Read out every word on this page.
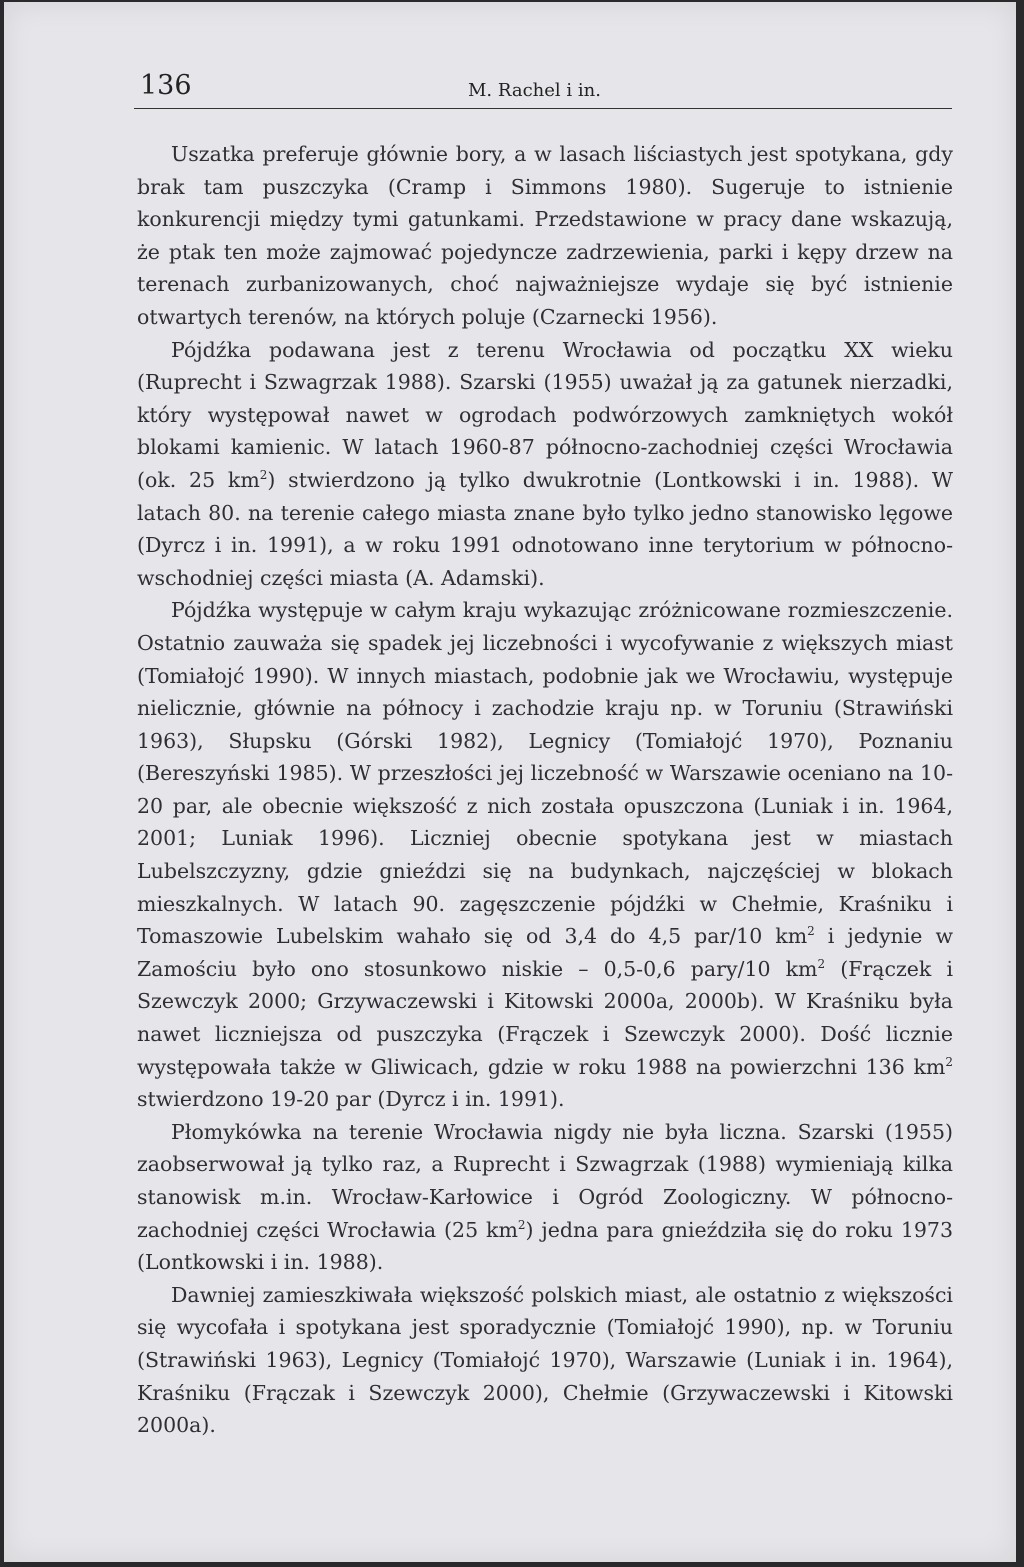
136	M. Rachel i in.

Uszatka preferuje głównie bory, a w lasach liściastych jest spotykana, gdy brak tam puszczyka (Cramp i Simmons 1980). Sugeruje to istnienie konkurencji między tymi gatunkami. Przedstawione w pracy dane wskazują, że ptak ten może zajmować pojedyncze zadrzewienia, parki i kępy drzew na terenach zurbanizowanych, choć najważniejsze wydaje się być istnienie otwartych terenów, na których poluje (Czarnecki 1956).

Pójdźka podawana jest z terenu Wrocławia od początku XX wieku (Ruprecht i Szwagrzak 1988). Szarski (1955) uważał ją za gatunek nierzadki, który występował nawet w ogrodach podwórzowych zamkniętych wokół blokami kamienic. W latach 1960-87 północno-zachodniej części Wrocławia (ok. 25 $km^2$) stwierdzono ją tylko dwukrotnie (Lontkowski i in. 1988). W latach 80. na terenie całego miasta znane było tylko jedno stanowisko lęgowe (Dyrcz i in. 1991), a w roku 1991 odnotowano inne terytorium w północno-wschodniej części miasta (A. Adamski).

Pójdźka występuje w całym kraju wykazując zróżnicowane rozmieszczenie. Ostatnio zauważa się spadek jej liczebności i wycofywanie z większych miast (Tomiałojć 1990). W innych miastach, podobnie jak we Wrocławiu, występuje nielicznie, głównie na północy i zachodzie kraju np. w Toruniu (Strawiński 1963), Słupsku (Górski 1982), Legnicy (Tomiałojć 1970), Poznaniu (Bereszyński 1985). W przeszłości jej liczebność w Warszawie oceniano na 10-20 par, ale obecnie większość z nich została opuszczona (Luniak i in. 1964, 2001; Luniak 1996). Liczniej obecnie spotykana jest w miastach Lubelszczyzny, gdzie gnieździ się na budynkach, najczęściej w blokach mieszkalnych. W latach 90. zagęszczenie pójdźki w Chełmie, Kraśniku i Tomaszowie Lubelskim wahało się od 3,4 do 4,5 par/10 $km^2$ i jedynie w Zamościu było ono stosunkowo niskie – 0,5-0,6 pary/10 $km^2$ (Frączek i Szewczyk 2000; Grzywaczewski i Kitowski 2000a, 2000b). W Kraśniku była nawet liczniejsza od puszczyka (Frączek i Szewczyk 2000). Dość licznie występowała także w Gliwicach, gdzie w roku 1988 na powierzchni 136 $km^2$ stwierdzono 19-20 par (Dyrcz i in. 1991).

Płomykówka na terenie Wrocławia nigdy nie była liczna. Szarski (1955) zaobserwował ją tylko raz, a Ruprecht i Szwagrzak (1988) wymieniają kilka stanowisk m.in. Wrocław-Karłowice i Ogród Zoologiczny. W północno-zachodniej części Wrocławia (25 $km^2$) jedna para gnieździła się do roku 1973 (Lontkowski i in. 1988).

Dawniej zamieszkiwała większość polskich miast, ale ostatnio z większości się wycofała i spotykana jest sporadycznie (Tomiałojć 1990), np. w Toruniu (Strawiński 1963), Legnicy (Tomiałojć 1970), Warszawie (Luniak i in. 1964), Kraśniku (Frączak i Szewczyk 2000), Chełmie (Grzywaczewski i Kitowski 2000a).
